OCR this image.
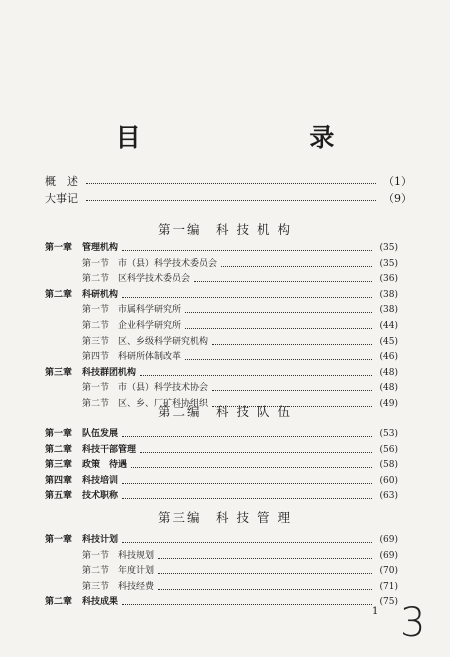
目 录
概　述	（1）
大事记	（9）
第一编　科 技 机 构
第一章 管理机构	(35)
第一节 市（县）科学技术委员会	(35)
第二节 区科学技术委员会	(36)
第二章 科研机构	(38)
第一节 市属科学研究所	(38)
第二节 企业科学研究所	(44)
第三节 区、乡级科学研究机构	(45)
第四节 科研所体制改革	(46)
第三章 科技群团机构	(48)
第一节 市（县）科学技术协会	(48)
第二节 区、乡、厂矿科协组织	(49)
第二编　科 技 队 伍
第一章 队伍发展	(53)
第二章 科技干部管理	(56)
第三章 政策　待遇	(58)
第四章 科技培训	(60)
第五章 技术职称	(63)
第三编　科 技 管 理
第一章 科技计划	(69)
第一节 科技规划	(69)
第二节 年度计划	(70)
第三节 科技经费	(71)
第二章 科技成果	(75)
1 3
